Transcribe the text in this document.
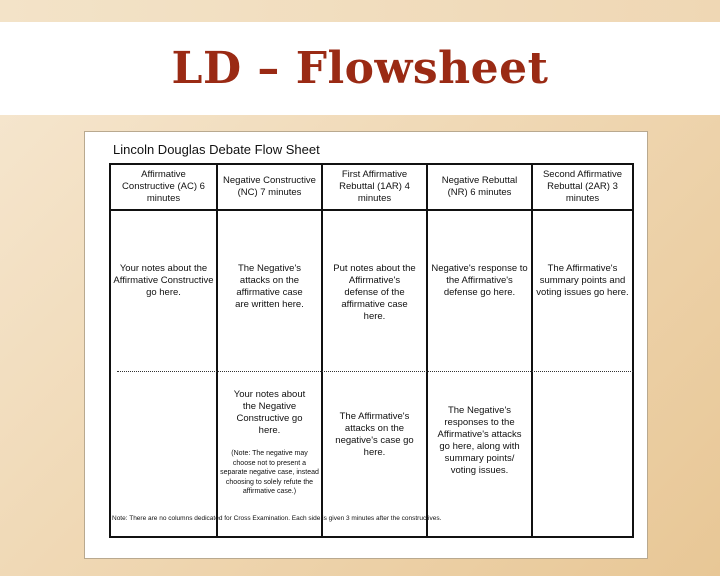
LD – Flowsheet
Lincoln Douglas Debate Flow Sheet
Affirmative Constructive (AC) 6 minutes
Your notes about the Affirmative Constructive go here.
Negative Constructive (NC) 7 minutes
The Negative's attacks on the affirmative case are written here.
Your notes about the Negative Constructive go here.
(Note: The negative may choose not to present a separate negative case, instead choosing to solely refute the affirmative case.)
First Affirmative Rebuttal (1AR) 4 minutes
Put notes about the Affirmative's defense of the affirmative case here.
The Affirmative's attacks on the negative's case go here.
Negative Rebuttal (NR) 6 minutes
Negative's response to the Affirmative's defense go here.
The Negative's responses to the Affirmative's attacks go here, along with summary points/ voting issues.
Second Affirmative Rebuttal (2AR) 3 minutes
The Affirmative's summary points and voting issues go here.
Note: There are no columns dedicated for Cross Examination. Each side is given 3 minutes after the constructives.
